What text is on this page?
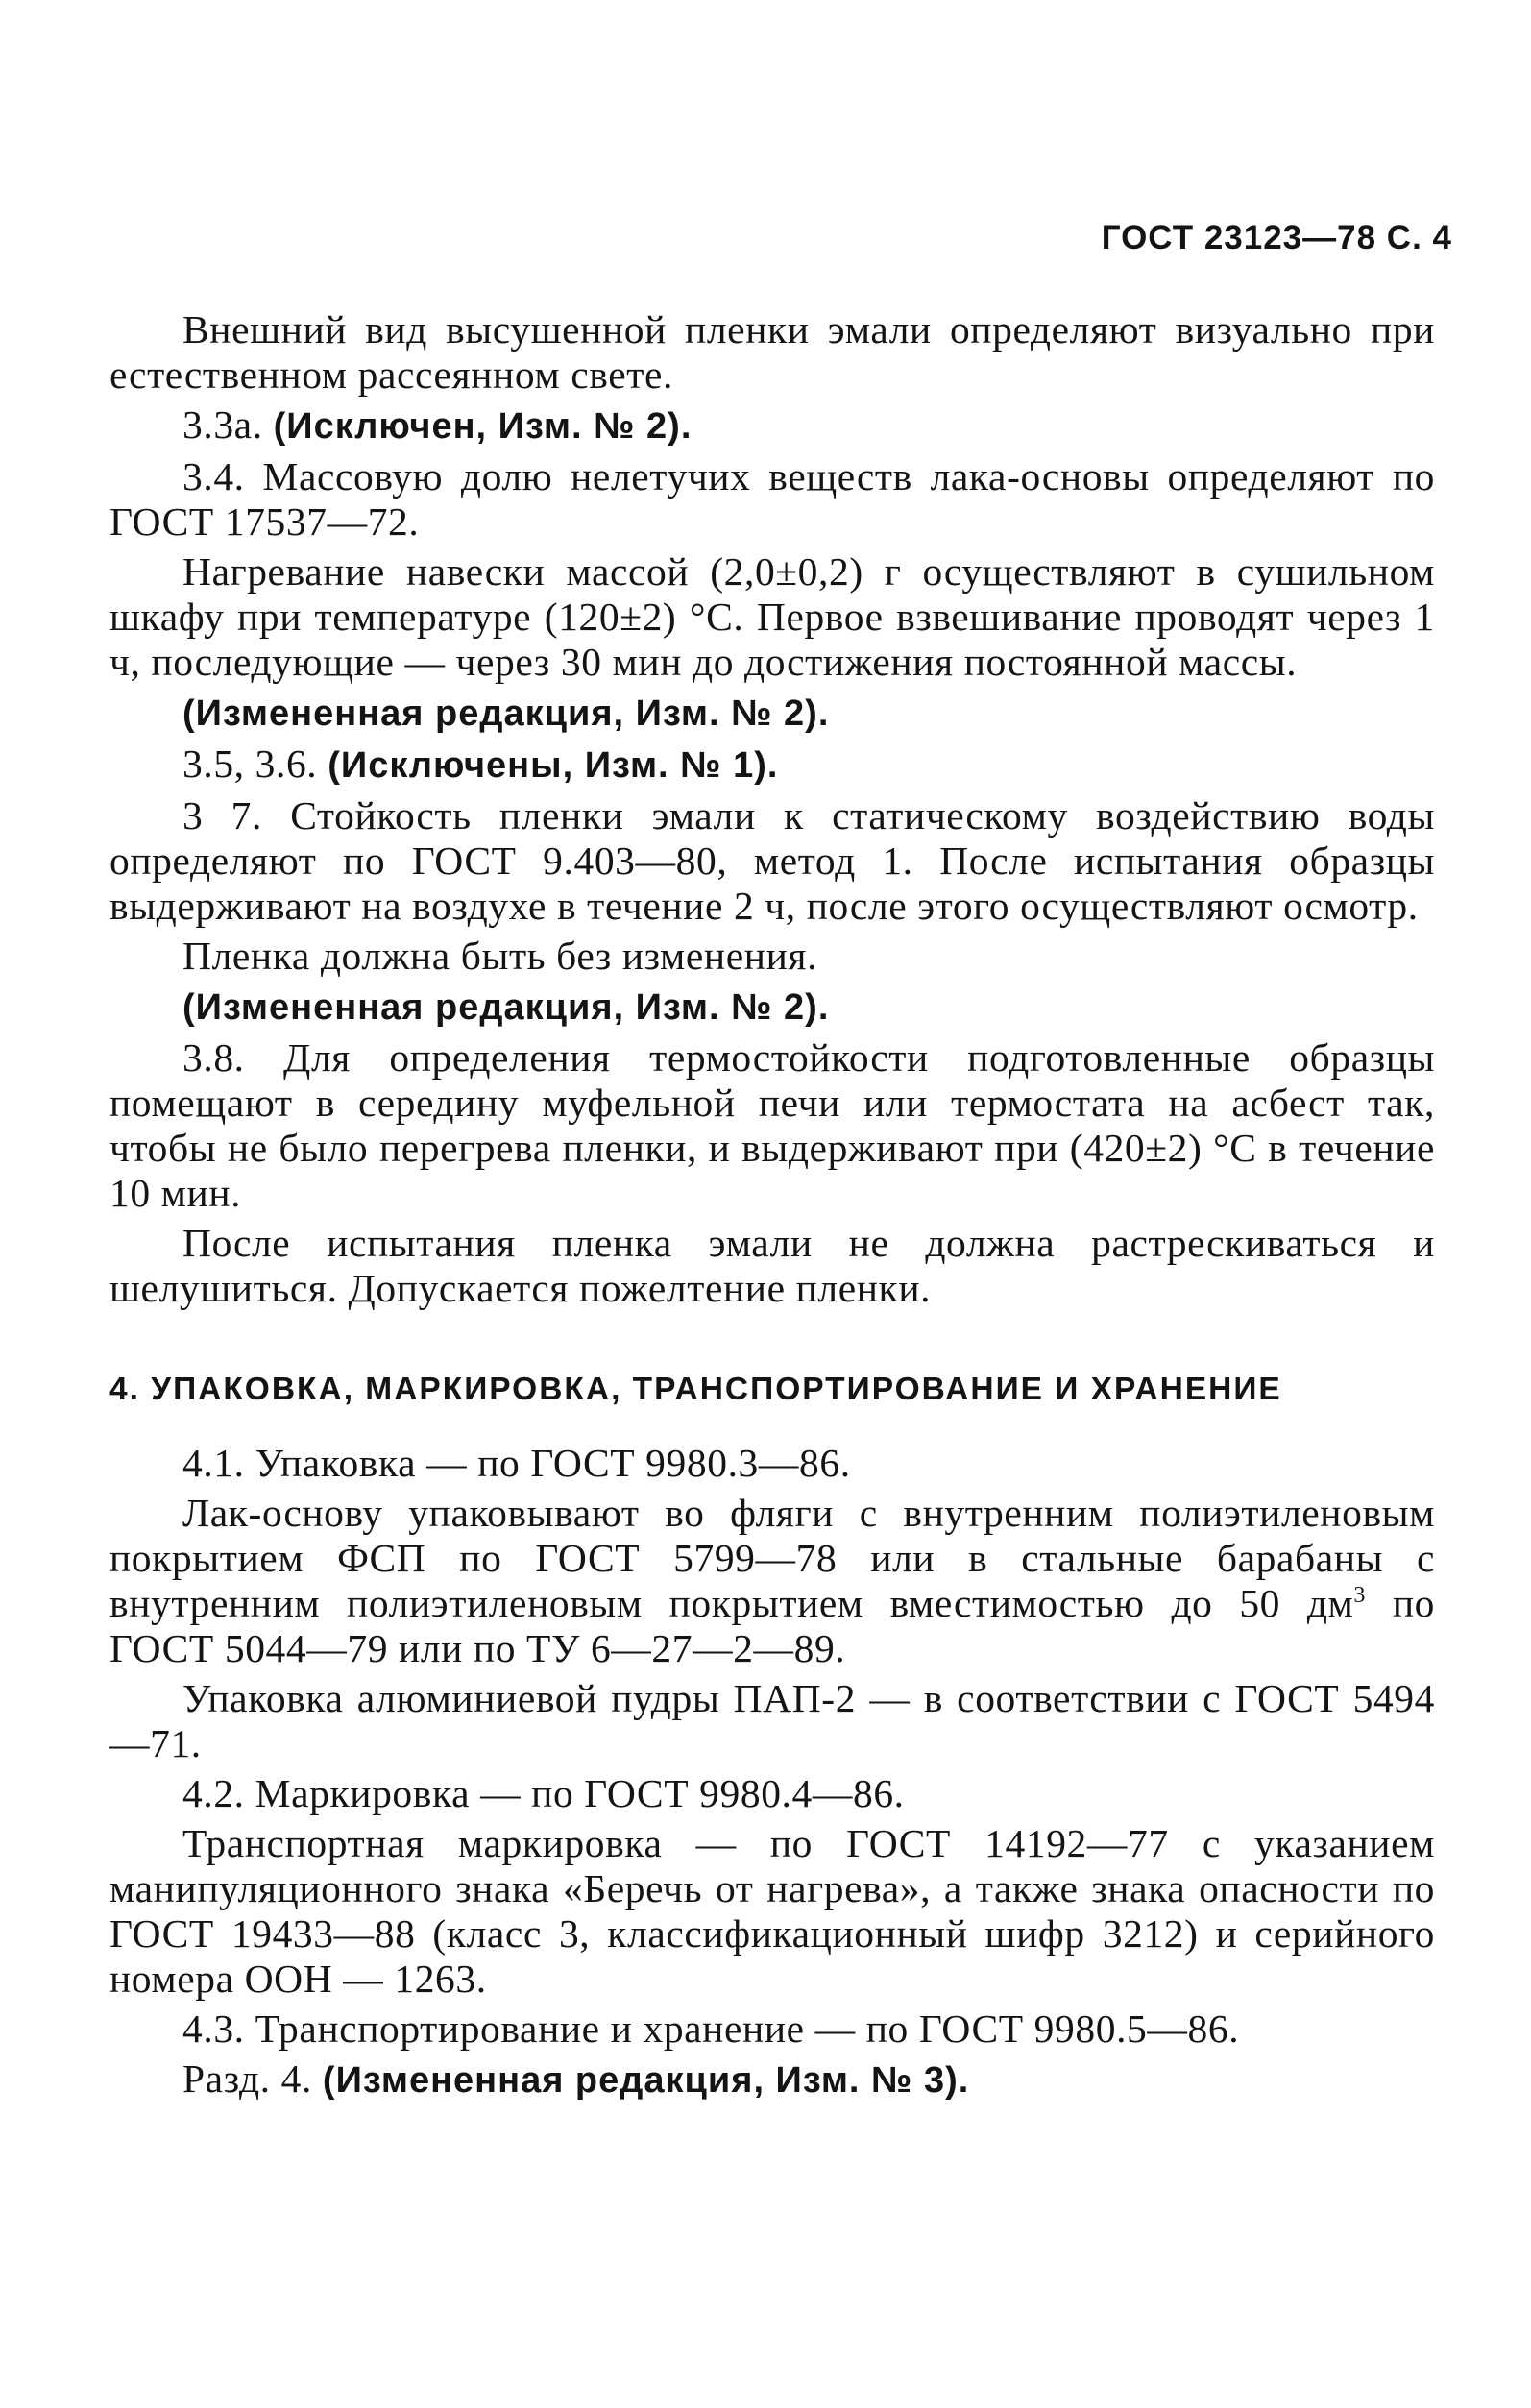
ГОСТ 23123—78 С. 4

Внешний вид высушенной пленки эмали определяют визуально при естественном рассеянном свете.

3.3а. (Исключен, Изм. № 2).

3.4. Массовую долю нелетучих веществ лака-основы определяют по ГОСТ 17537—72.

Нагревание навески массой (2,0±0,2) г осуществляют в сушильном шкафу при температуре (120±2) °С. Первое взвешивание проводят через 1 ч, последующие — через 30 мин до достижения постоянной массы.

(Измененная редакция, Изм. № 2).

3.5, 3.6. (Исключены, Изм. № 1).

3 7. Стойкость пленки эмали к статическому воздействию воды определяют по ГОСТ 9.403—80, метод 1. После испытания образцы выдерживают на воздухе в течение 2 ч, после этого осуществляют осмотр.

Пленка должна быть без изменения.

(Измененная редакция, Изм. № 2).

3.8. Для определения термостойкости подготовленные образцы помещают в середину муфельной печи или термостата на асбест так, чтобы не было перегрева пленки, и выдерживают при (420±2) °С в течение 10 мин.

После испытания пленка эмали не должна растрескиваться и шелушиться. Допускается пожелтение пленки.

4. УПАКОВКА, МАРКИРОВКА, ТРАНСПОРТИРОВАНИЕ И ХРАНЕНИЕ

4.1. Упаковка — по ГОСТ 9980.3—86.

Лак-основу упаковывают во фляги с внутренним полиэтиленовым покрытием ФСП по ГОСТ 5799—78 или в стальные барабаны с внутренним полиэтиленовым покрытием вместимостью до 50 $дм^3$ по ГОСТ 5044—79 или по ТУ 6—27—2—89.

Упаковка алюминиевой пудры ПАП-2 — в соответствии с ГОСТ 5494—71.

4.2. Маркировка — по ГОСТ 9980.4—86.

Транспортная маркировка — по ГОСТ 14192—77 с указанием манипуляционного знака «Беречь от нагрева», а также знака опасности по ГОСТ 19433—88 (класс 3, классификационный шифр 3212) и серийного номера ООН — 1263.

4.3. Транспортирование и хранение — по ГОСТ 9980.5—86.

Разд. 4. (Измененная редакция, Изм. № 3).
